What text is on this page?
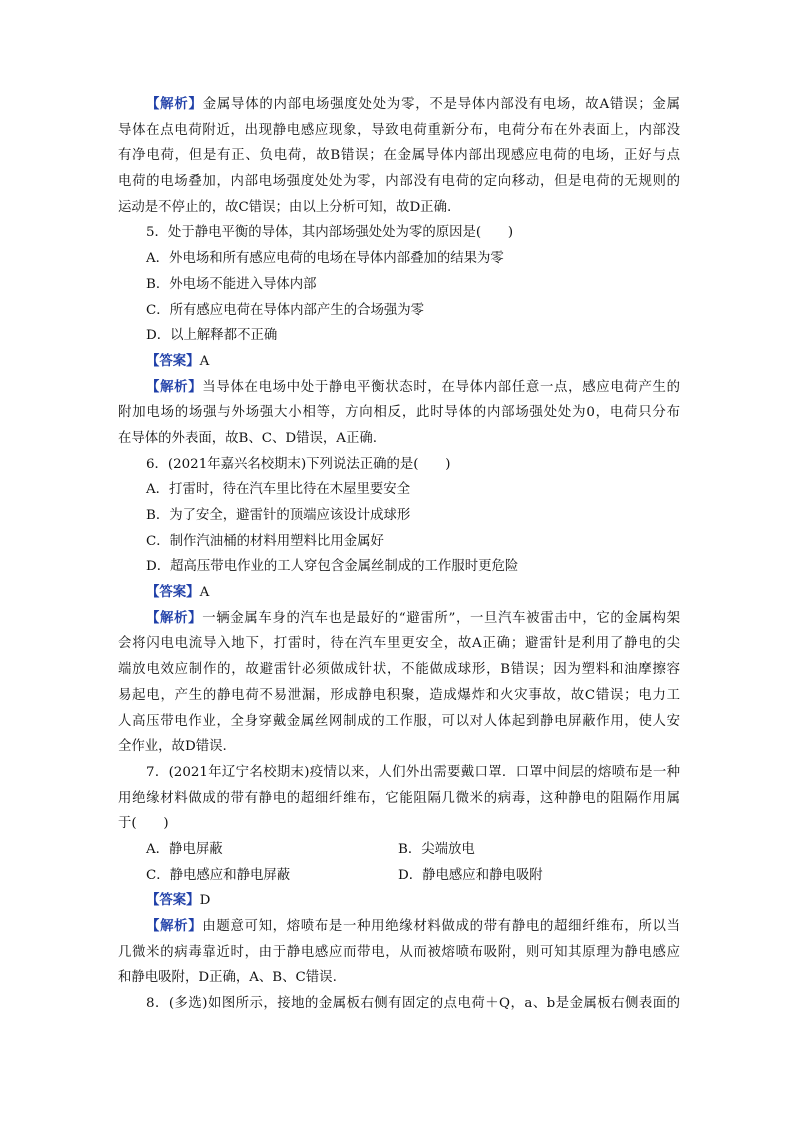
【解析】金属导体的内部电场强度处处为零，不是导体内部没有电场，故A错误；金属
导体在点电荷附近，出现静电感应现象，导致电荷重新分布，电荷分布在外表面上，内部没
有净电荷，但是有正、负电荷，故B错误；在金属导体内部出现感应电荷的电场，正好与点
电荷的电场叠加，内部电场强度处处为零，内部没有电荷的定向移动，但是电荷的无规则的
运动是不停止的，故C错误；由以上分析可知，故D正确.
5．处于静电平衡的导体，其内部场强处处为零的原因是(　　)
A．外电场和所有感应电荷的电场在导体内部叠加的结果为零
B．外电场不能进入导体内部
C．所有感应电荷在导体内部产生的合场强为零
D．以上解释都不正确
【答案】A
【解析】当导体在电场中处于静电平衡状态时，在导体内部任意一点，感应电荷产生的
附加电场的场强与外场强大小相等，方向相反，此时导体的内部场强处处为0，电荷只分布
在导体的外表面，故B、C、D错误，A正确.
6．(2021年嘉兴名校期末)下列说法正确的是(　　)
A．打雷时，待在汽车里比待在木屋里要安全
B．为了安全，避雷针的顶端应该设计成球形
C．制作汽油桶的材料用塑料比用金属好
D．超高压带电作业的工人穿包含金属丝制成的工作服时更危险
【答案】A
【解析】一辆金属车身的汽车也是最好的“避雷所”，一旦汽车被雷击中，它的金属构架
会将闪电电流导入地下，打雷时，待在汽车里更安全，故A正确；避雷针是利用了静电的尖
端放电效应制作的，故避雷针必须做成针状，不能做成球形，B错误；因为塑料和油摩擦容
易起电，产生的静电荷不易泄漏，形成静电积聚，造成爆炸和火灾事故，故C错误；电力工
人高压带电作业，全身穿戴金属丝网制成的工作服，可以对人体起到静电屏蔽作用，使人安
全作业，故D错误.
7．(2021年辽宁名校期末)疫情以来，人们外出需要戴口罩．口罩中间层的熔喷布是一种
用绝缘材料做成的带有静电的超细纤维布，它能阻隔几微米的病毒，这种静电的阻隔作用属
于(　　)
A．静电屏蔽	B．尖端放电
C．静电感应和静电屏蔽	D．静电感应和静电吸附
【答案】D
【解析】由题意可知，熔喷布是一种用绝缘材料做成的带有静电的超细纤维布，所以当
几微米的病毒靠近时，由于静电感应而带电，从而被熔喷布吸附，则可知其原理为静电感应
和静电吸附，D正确，A、B、C错误.
8．(多选)如图所示，接地的金属板右侧有固定的点电荷＋Q，a、b是金属板右侧表面的
